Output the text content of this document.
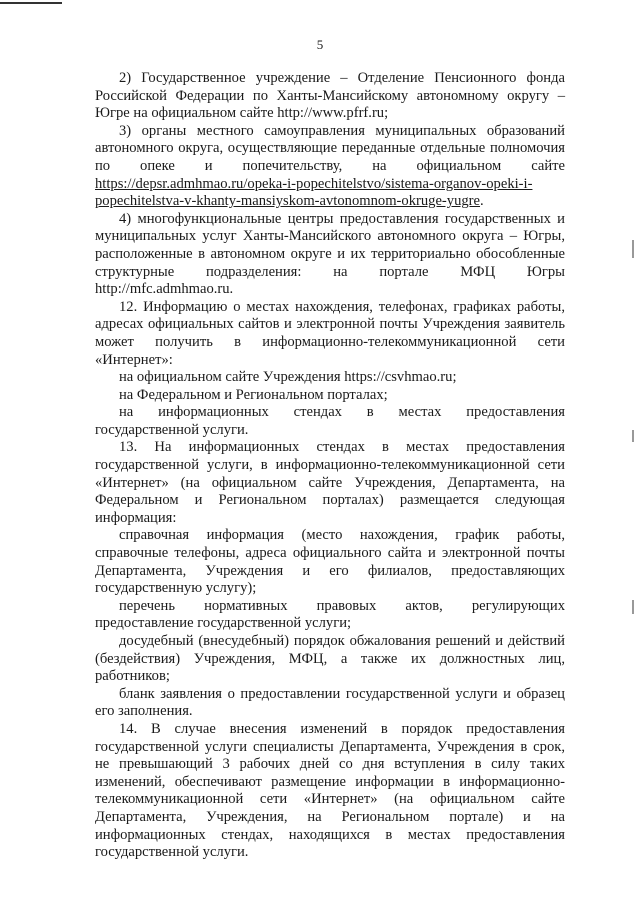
5

2) Государственное учреждение – Отделение Пенсионного фонда Российской Федерации по Ханты-Мансийскому автономному округу – Югре на официальном сайте http://www.pfrf.ru;

3) органы местного самоуправления муниципальных образований автономного округа, осуществляющие переданные отдельные полномочия по опеке и попечительству, на официальном сайте https://depsr.admhmao.ru/opeka-i-popechitelstvo/sistema-organov-opeki-i-popechitelstva-v-khanty-mansiyskom-avtonomnom-okruge-yugre.

4) многофункциональные центры предоставления государственных и муниципальных услуг Ханты-Мансийского автономного округа – Югры, расположенные в автономном округе и их территориально обособленные структурные подразделения: на портале МФЦ Югры http://mfc.admhmao.ru.

12. Информацию о местах нахождения, телефонах, графиках работы, адресах официальных сайтов и электронной почты Учреждения заявитель может получить в информационно-телекоммуникационной сети «Интернет»:

на официальном сайте Учреждения https://csvhmao.ru;

на Федеральном и Региональном порталах;

на информационных стендах в местах предоставления государственной услуги.

13. На информационных стендах в местах предоставления государственной услуги, в информационно-телекоммуникационной сети «Интернет» (на официальном сайте Учреждения, Департамента, на Федеральном и Региональном порталах) размещается следующая информация:

справочная информация (место нахождения, график работы, справочные телефоны, адреса официального сайта и электронной почты Департамента, Учреждения и его филиалов, предоставляющих государственную услугу);

перечень нормативных правовых актов, регулирующих предоставление государственной услуги;

досудебный (внесудебный) порядок обжалования решений и действий (бездействия) Учреждения, МФЦ, а также их должностных лиц, работников;

бланк заявления о предоставлении государственной услуги и образец его заполнения.

14. В случае внесения изменений в порядок предоставления государственной услуги специалисты Департамента, Учреждения в срок, не превышающий 3 рабочих дней со дня вступления в силу таких изменений, обеспечивают размещение информации в информационно-телекоммуникационной сети «Интернет» (на официальном сайте Департамента, Учреждения, на Региональном портале) и на информационных стендах, находящихся в местах предоставления государственной услуги.
